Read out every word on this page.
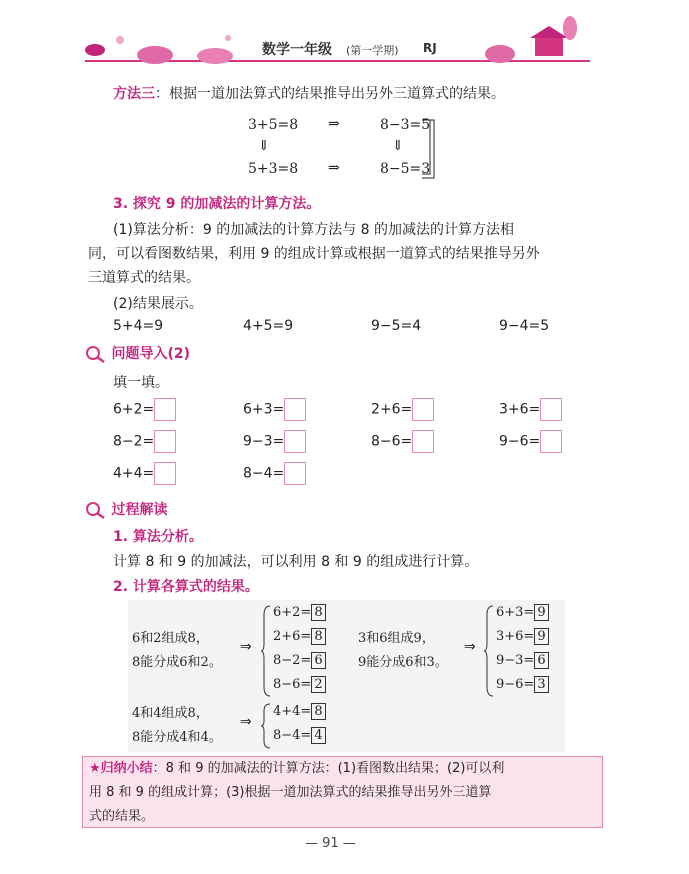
数学一年级 (第一学期) RJ
方法三：根据一道加法算式的结果推导出另外三道算式的结果。
3+5=8 ⇒	8−3=5
⇓	⇓
5+3=8 ⇒	8−5=3
3. 探究 9 的加减法的计算方法。
(1)算法分析：9 的加减法的计算方法与 8 的加减法的计算方法相
同，可以看图数结果，利用 9 的组成计算或根据一道算式的结果推导另外
三道算式的结果。
(2)结果展示。
5+4=9	4+5=9	9−5=4	9−4=5
问题导入(2)
填一填。
6+2=	6+3=	2+6=	3+6=
8−2=	9−3=	8−6=	9−6=
4+4=	8−4=
过程解读
1. 算法分析。
计算 8 和 9 的加减法，可以利用 8 和 9 的组成进行计算。
2. 计算各算式的结果。
6和2组成8，
8能分成6和2。
⇒
6+2= 8
2+6= 8
8−2= 6
8−6= 2
3和6组成9，
9能分成6和3。
⇒
6+3= 9
3+6= 9
9−3= 6
9−6= 3
4和4组成8，
8能分成4和4。
⇒
4+4= 8
8−4= 4
★归纳小结：8 和 9 的加减法的计算方法：(1)看图数出结果；(2)可以利
用 8 和 9 的组成计算；(3)根据一道加法算式的结果推导出另外三道算
式的结果。
— 91 —
